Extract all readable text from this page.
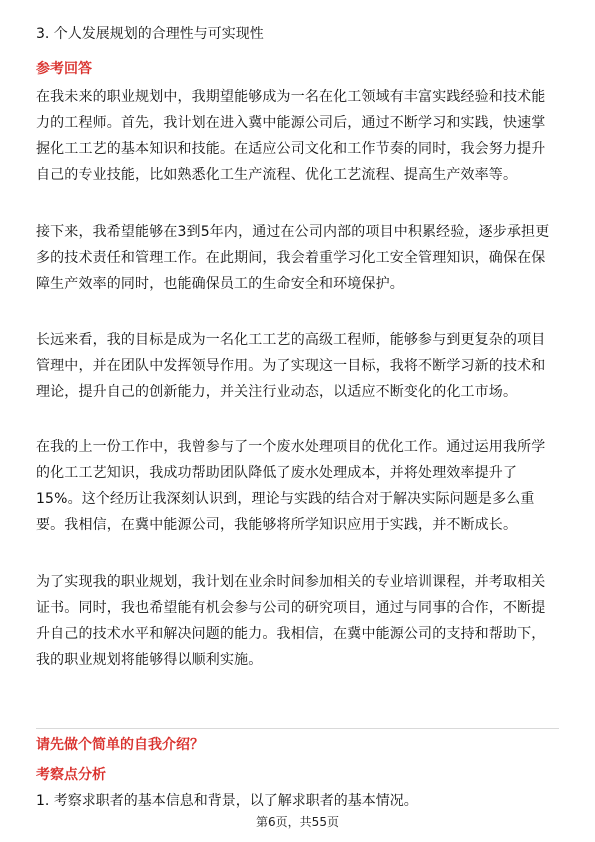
3. 个人发展规划的合理性与可实现性
参考回答
在我未来的职业规划中，我期望能够成为一名在化工领域有丰富实践经验和技术能
力的工程师。首先，我计划在进入冀中能源公司后，通过不断学习和实践，快速掌
握化工工艺的基本知识和技能。在适应公司文化和工作节奏的同时，我会努力提升
自己的专业技能，比如熟悉化工生产流程、优化工艺流程、提高生产效率等。
接下来，我希望能够在3到5年内，通过在公司内部的项目中积累经验，逐步承担更
多的技术责任和管理工作。在此期间，我会着重学习化工安全管理知识，确保在保
障生产效率的同时，也能确保员工的生命安全和环境保护。
长远来看，我的目标是成为一名化工工艺的高级工程师，能够参与到更复杂的项目
管理中，并在团队中发挥领导作用。为了实现这一目标，我将不断学习新的技术和
理论，提升自己的创新能力，并关注行业动态，以适应不断变化的化工市场。
在我的上一份工作中，我曾参与了一个废水处理项目的优化工作。通过运用我所学
的化工工艺知识，我成功帮助团队降低了废水处理成本，并将处理效率提升了
15%。这个经历让我深刻认识到，理论与实践的结合对于解决实际问题是多么重
要。我相信，在冀中能源公司，我能够将所学知识应用于实践，并不断成长。
为了实现我的职业规划，我计划在业余时间参加相关的专业培训课程，并考取相关
证书。同时，我也希望能有机会参与公司的研究项目，通过与同事的合作，不断提
升自己的技术水平和解决问题的能力。我相信，在冀中能源公司的支持和帮助下，
我的职业规划将能够得以顺利实施。
请先做个简单的自我介绍？
考察点分析
1. 考察求职者的基本信息和背景，以了解求职者的基本情况。
第6页，共55页
